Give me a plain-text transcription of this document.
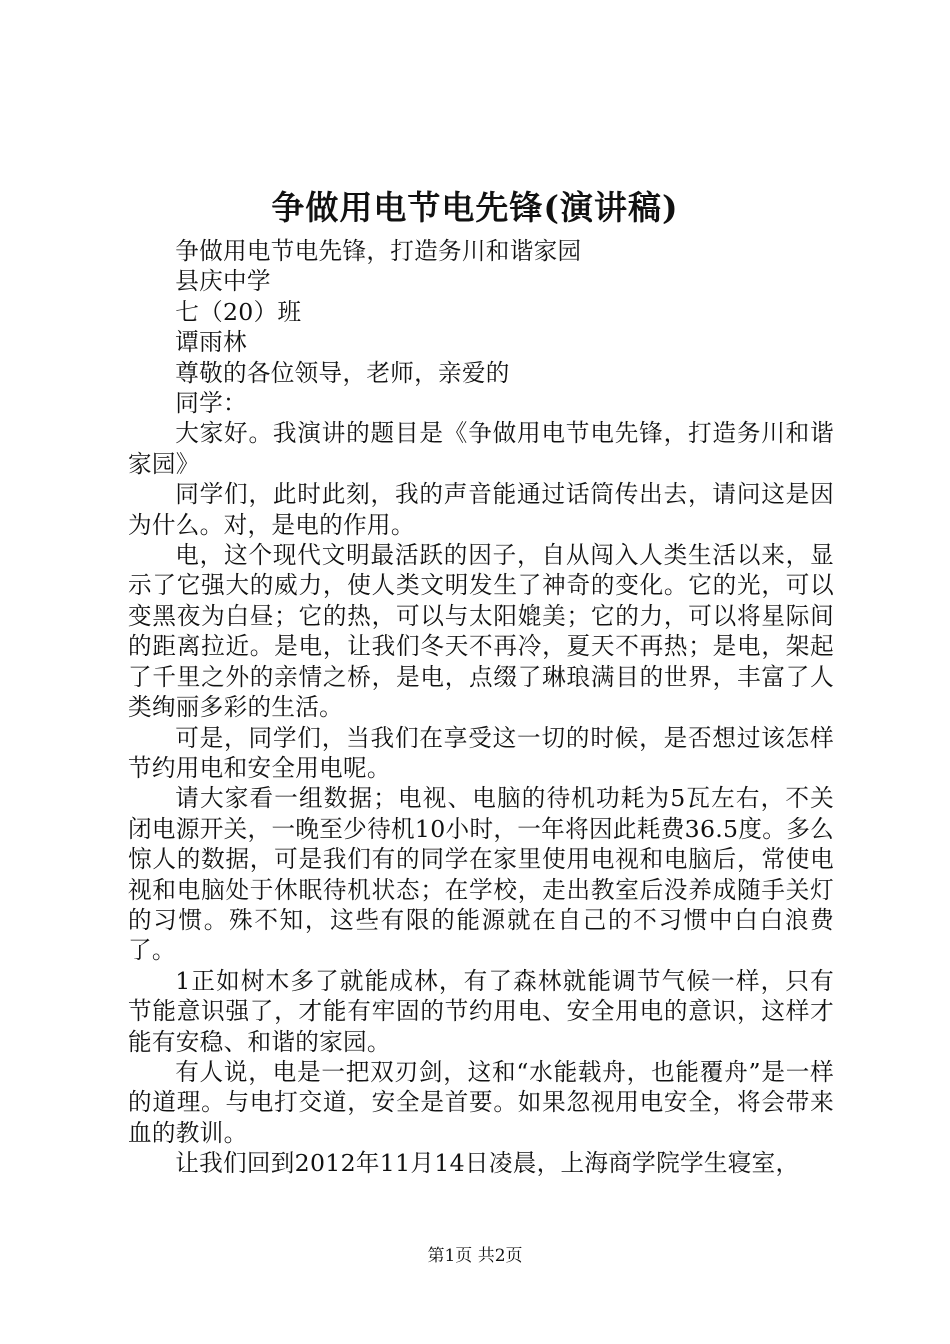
争做用电节电先锋(演讲稿)

争做用电节电先锋，打造务川和谐家园

县庆中学

七（20）班

谭雨林

尊敬的各位领导，老师，亲爱的

同学：

大家好。我演讲的题目是《争做用电节电先锋，打造务川和谐家园》

同学们，此时此刻，我的声音能通过话筒传出去，请问这是因为什么。对，是电的作用。

电，这个现代文明最活跃的因子，自从闯入人类生活以来，显示了它强大的威力，使人类文明发生了神奇的变化。它的光，可以变黑夜为白昼；它的热，可以与太阳媲美；它的力，可以将星际间的距离拉近。是电，让我们冬天不再冷，夏天不再热；是电，架起了千里之外的亲情之桥，是电，点缀了琳琅满目的世界，丰富了人类绚丽多彩的生活。

可是，同学们，当我们在享受这一切的时候，是否想过该怎样节约用电和安全用电呢。

请大家看一组数据；电视、电脑的待机功耗为5瓦左右，不关闭电源开关，一晚至少待机10小时，一年将因此耗费36.5度。多么惊人的数据，可是我们有的同学在家里使用电视和电脑后，常使电视和电脑处于休眠待机状态；在学校，走出教室后没养成随手关灯的习惯。殊不知，这些有限的能源就在自己的不习惯中白白浪费了。

1正如树木多了就能成林，有了森林就能调节气候一样，只有节能意识强了，才能有牢固的节约用电、安全用电的意识，这样才能有安稳、和谐的家园。

有人说，电是一把双刃剑，这和“水能载舟，也能覆舟”是一样的道理。与电打交道，安全是首要。如果忽视用电安全，将会带来血的教训。

让我们回到2012年11月14日凌晨，上海商学院学生寝室，

第1页 共2页
